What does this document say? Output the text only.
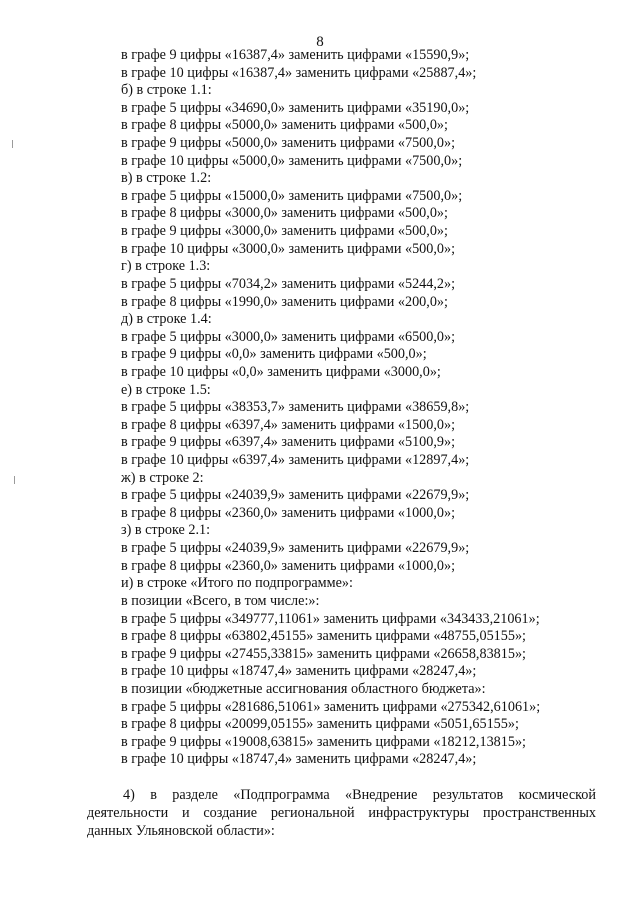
8
в графе 9 цифры «16387,4» заменить цифрами «15590,9»;
в графе 10 цифры «16387,4» заменить цифрами «25887,4»;
б) в строке 1.1:
в графе 5 цифры «34690,0» заменить цифрами «35190,0»;
в графе 8 цифры «5000,0» заменить цифрами «500,0»;
в графе 9 цифры «5000,0» заменить цифрами «7500,0»;
в графе 10 цифры «5000,0» заменить цифрами «7500,0»;
в) в строке 1.2:
в графе 5 цифры «15000,0» заменить цифрами «7500,0»;
в графе 8 цифры «3000,0» заменить цифрами «500,0»;
в графе 9 цифры «3000,0» заменить цифрами «500,0»;
в графе 10 цифры «3000,0» заменить цифрами «500,0»;
г) в строке 1.3:
в графе 5 цифры «7034,2» заменить цифрами «5244,2»;
в графе 8 цифры «1990,0» заменить цифрами «200,0»;
д) в строке 1.4:
в графе 5 цифры «3000,0» заменить цифрами «6500,0»;
в графе 9 цифры «0,0» заменить цифрами «500,0»;
в графе 10 цифры «0,0» заменить цифрами «3000,0»;
е) в строке 1.5:
в графе 5 цифры «38353,7» заменить цифрами «38659,8»;
в графе 8 цифры «6397,4» заменить цифрами «1500,0»;
в графе 9 цифры «6397,4» заменить цифрами «5100,9»;
в графе 10 цифры «6397,4» заменить цифрами «12897,4»;
ж) в строке 2:
в графе 5 цифры «24039,9» заменить цифрами «22679,9»;
в графе 8 цифры «2360,0» заменить цифрами «1000,0»;
з) в строке 2.1:
в графе 5 цифры «24039,9» заменить цифрами «22679,9»;
в графе 8 цифры «2360,0» заменить цифрами «1000,0»;
и) в строке «Итого по подпрограмме»:
в позиции «Всего, в том числе:»:
в графе 5 цифры «349777,11061» заменить цифрами «343433,21061»;
в графе 8 цифры «63802,45155» заменить цифрами «48755,05155»;
в графе 9 цифры «27455,33815» заменить цифрами «26658,83815»;
в графе 10 цифры «18747,4» заменить цифрами «28247,4»;
в позиции «бюджетные ассигнования областного бюджета»:
в графе 5 цифры «281686,51061» заменить цифрами «275342,61061»;
в графе 8 цифры «20099,05155» заменить цифрами «5051,65155»;
в графе 9 цифры «19008,63815» заменить цифрами «18212,13815»;
в графе 10 цифры «18747,4» заменить цифрами «28247,4»;
4) в разделе «Подпрограмма «Внедрение результатов космической
деятельности и создание региональной инфраструктуры пространственных
данных Ульяновской области»:
